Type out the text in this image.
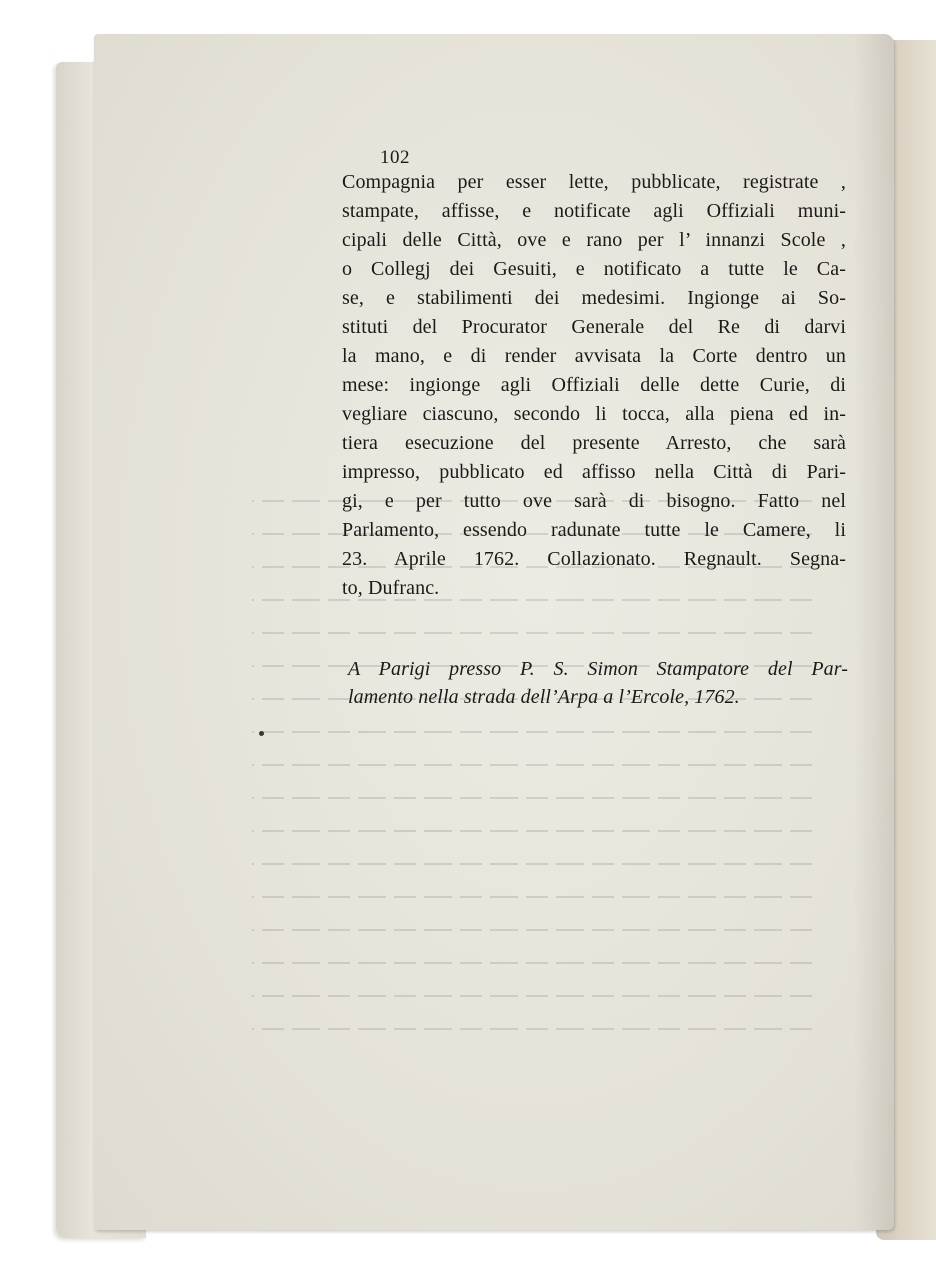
102
Compagnia per esser lette, pubblicate, registrate ,
stampate, affisse, e notificate agli Offiziali muni-
cipali delle Città, ove e rano per l’ innanzi Scole ,
o Collegj dei Gesuiti, e notificato a tutte le Ca-
se, e stabilimenti dei medesimi. Ingionge ai So-
stituti del Procurator Generale del Re di darvi
la mano, e di render avvisata la Corte dentro un
mese: ingionge agli Offiziali delle dette Curie, di
vegliare ciascuno, secondo li tocca, alla piena ed in-
tiera esecuzione del presente Arresto, che sarà
impresso, pubblicato ed affisso nella Città di Pari-
gi, e per tutto ove sarà di bisogno. Fatto nel
Parlamento, essendo radunate tutte le Camere, li
23. Aprile 1762. Collazionato. Regnault. Segna-
to, Dufranc.
A Parigi presso P. S. Simon Stampatore del Par-
lamento nella strada dell’Arpa a l’Ercole, 1762.
